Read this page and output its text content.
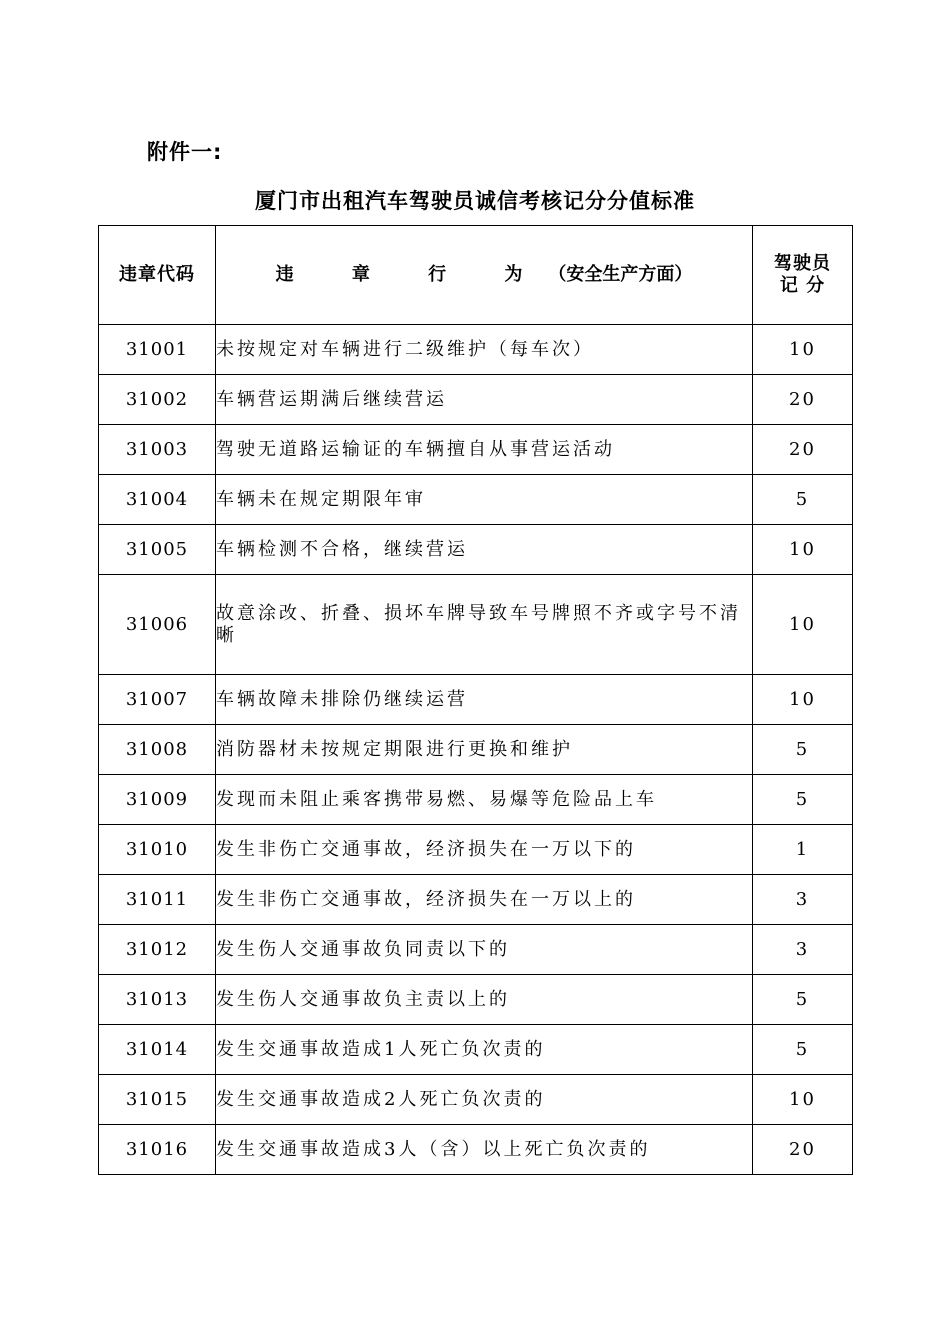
附件一:
厦门市出租汽车驾驶员诚信考核记分分值标准
违章代码	违 章 行 为（安全生产方面）	驾驶员
记 分
31001	未按规定对车辆进行二级维护（每车次）	10
31002	车辆营运期满后继续营运	20
31003	驾驶无道路运输证的车辆擅自从事营运活动	20
31004	车辆未在规定期限年审	5
31005	车辆检测不合格，继续营运	10
31006	故意涂改、折叠、损坏车牌导致车号牌照不齐或字号不清晰	10
31007	车辆故障未排除仍继续运营	10
31008	消防器材未按规定期限进行更换和维护	5
31009	发现而未阻止乘客携带易燃、易爆等危险品上车	5
31010	发生非伤亡交通事故，经济损失在一万以下的	1
31011	发生非伤亡交通事故，经济损失在一万以上的	3
31012	发生伤人交通事故负同责以下的	3
31013	发生伤人交通事故负主责以上的	5
31014	发生交通事故造成1人死亡负次责的	5
31015	发生交通事故造成2人死亡负次责的	10
31016	发生交通事故造成3人（含）以上死亡负次责的	20
